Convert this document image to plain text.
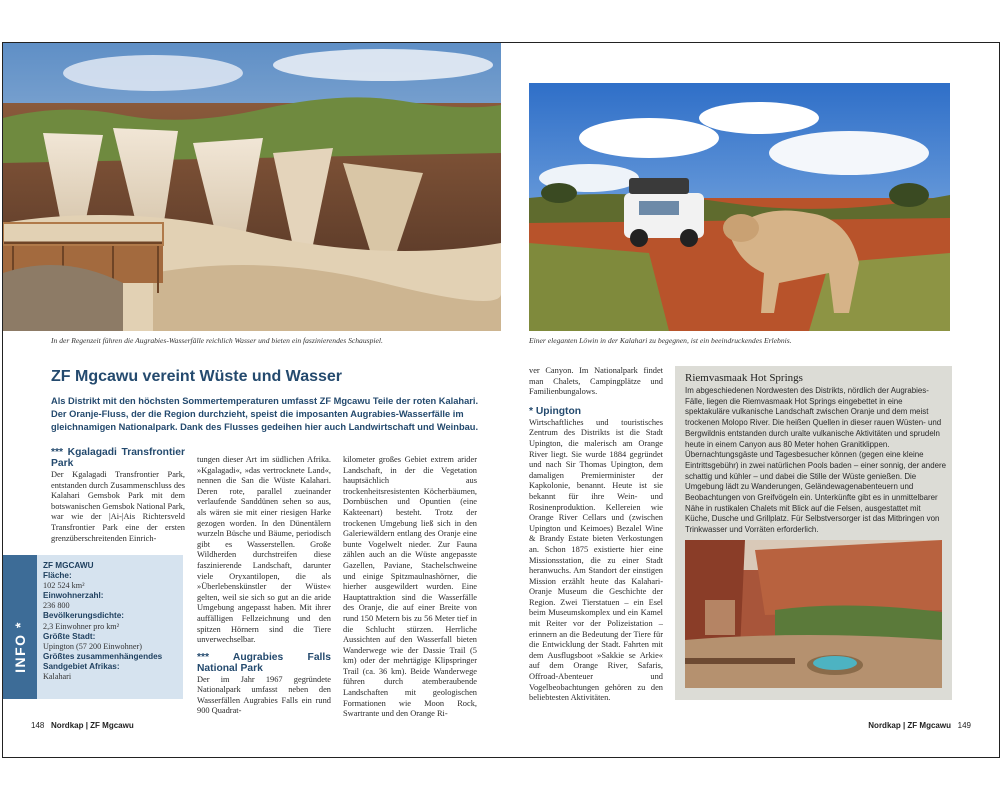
In der Regenzeit führen die Augrabies-Wasserfälle reichlich Wasser und bieten ein faszinierendes Schauspiel.
ZF Mgcawu vereint Wüste und Wasser
Als Distrikt mit den höchsten Sommertemperaturen umfasst ZF Mgcawu Teile der roten Kalahari. Der Oranje-Fluss, der die Region durchzieht, speist die imposanten Augrabies-Wasserfälle im gleichnamigen Nationalpark. Dank des Flusses gedeihen hier auch Landwirtschaft und Weinbau.
*** Kgalagadi Transfrontier Park

Der Kgalagadi Transfrontier Park, entstanden durch Zusammenschluss des Kalahari Gemsbok Park mit dem botswanischen Gemsbok National Park, war wie der |Ai-|Ais Richtersveld Transfrontier Park eine der ersten grenzüberschreitenden Einrich-

INFO *
ZF MGCAWU
Fläche:
102 524 km²
Einwohnerzahl:
236 800
Bevölkerungsdichte:
2,3 Einwohner pro km²
Größte Stadt:
Upington (57 200 Einwohner)
Größtes zusammenhängendes Sandgebiet Afrikas:
Kalahari

tungen dieser Art im südlichen Afrika. »Kgalagadi«, »das vertrocknete Land«, nennen die San die Wüste Kalahari. Deren rote, parallel zueinander verlaufende Sanddünen sehen so aus, als wären sie mit einer riesigen Harke gezogen worden. In den Dünentälern wurzeln Büsche und Bäume, periodisch gibt es Wasserstellen. Große Wildherden durchstreifen diese faszinierende Landschaft, darunter viele Oryxantilopen, die als »Überlebenskünstler der Wüste« gelten, weil sie sich so gut an die aride Umgebung angepasst haben. Mit ihrer auffälligen Fellzeichnung und den spitzen Hörnern sind die Tiere unverwechselbar.

*** Augrabies Falls National Park

Der im Jahr 1967 gegründete Nationalpark umfasst neben den Wasserfällen Augrabies Falls ein rund 900 Quadrat-

kilometer großes Gebiet extrem arider Landschaft, in der die Vegetation hauptsächlich aus trockenheitsresistenten Köcherbäumen, Dornbüschen und Opuntien (eine Kakteenart) besteht. Trotz der trockenen Umgebung ließ sich in den Galeriewäldern entlang des Oranje eine bunte Vogelwelt nieder. Zur Fauna zählen auch an die Wüste angepasste Gazellen, Paviane, Stachelschweine und einige Spitzmaulnashörner, die hierher ausgewildert wurden. Eine Hauptattraktion sind die Wasserfälle des Oranje, die auf einer Breite von rund 150 Metern bis zu 56 Meter tief in die Schlucht stürzen. Herrliche Aussichten auf den Wasserfall bieten Wanderwege wie der Dassie Trail (5 km) oder der mehrtägige Klipspringer Trail (ca. 36 km). Beide Wanderwege führen durch atemberaubende Landschaften mit geologischen Formationen wie Moon Rock, Swartrante und den Orange Ri-

148 Nordkap | ZF Mgcawu
Einer eleganten Löwin in der Kalahari zu begegnen, ist ein beeindruckendes Erlebnis.

ver Canyon. Im Nationalpark findet man Chalets, Campingplätze und Familienbungalows.

* Upington

Wirtschaftliches und touristisches Zentrum des Distrikts ist die Stadt Upington, die malerisch am Orange River liegt. Sie wurde 1884 gegründet und nach Sir Thomas Upington, dem damaligen Premierminister der Kapkolonie, benannt. Heute ist sie bekannt für ihre Wein- und Rosinenproduktion. Kellereien wie Orange River Cellars und (zwischen Upington und Keimoes) Bezalel Wine & Brandy Estate bieten Verkostungen an. Schon 1875 existierte hier eine Missionsstation, die zu einer Stadt heranwuchs. Am Standort der einstigen Mission erzählt heute das Kalahari-Oranje Museum die Geschichte der Region. Zwei Tierstatuen – ein Esel beim Museumskomplex und ein Kamel mit Reiter vor der Polizeistation – erinnern an die Bedeutung der Tiere für die Entwicklung der Stadt. Fahrten mit dem Ausflugsboot »Sakkie se Arkie« auf dem Orange River, Safaris, Offroad-Abenteuer und Vogelbeobachtungen gehören zu den beliebtesten Aktivitäten.

Riemvasmaak Hot Springs
Im abgeschiedenen Nordwesten des Distrikts, nördlich der Augrabies-Fälle, liegen die Riemvasmaak Hot Springs eingebettet in eine spektakuläre vulkanische Landschaft zwischen Oranje und dem meist trockenen Molopo River. Die heißen Quellen in dieser rauen Wüsten- und Bergwildnis entstanden durch uralte vulkanische Aktivitäten und sprudeln heute in einem Canyon aus 80 Meter hohen Granitklippen. Übernachtungsgäste und Tagesbesucher können (gegen eine kleine Eintrittsgebühr) in zwei natürlichen Pools baden – einer sonnig, der andere schattig und kühler – und dabei die Stille der Wüste genießen. Die Umgebung lädt zu Wanderungen, Geländewagenabenteuern und Beobachtungen von Greifvögeln ein. Unterkünfte gibt es in unmittelbarer Nähe in rustikalen Chalets mit Blick auf die Felsen, ausgestattet mit Küche, Dusche und Grillplatz. Für Selbstversorger ist das Mitbringen von Trinkwasser und Vorräten erforderlich.
Nordkap | ZF Mgcawu 149
